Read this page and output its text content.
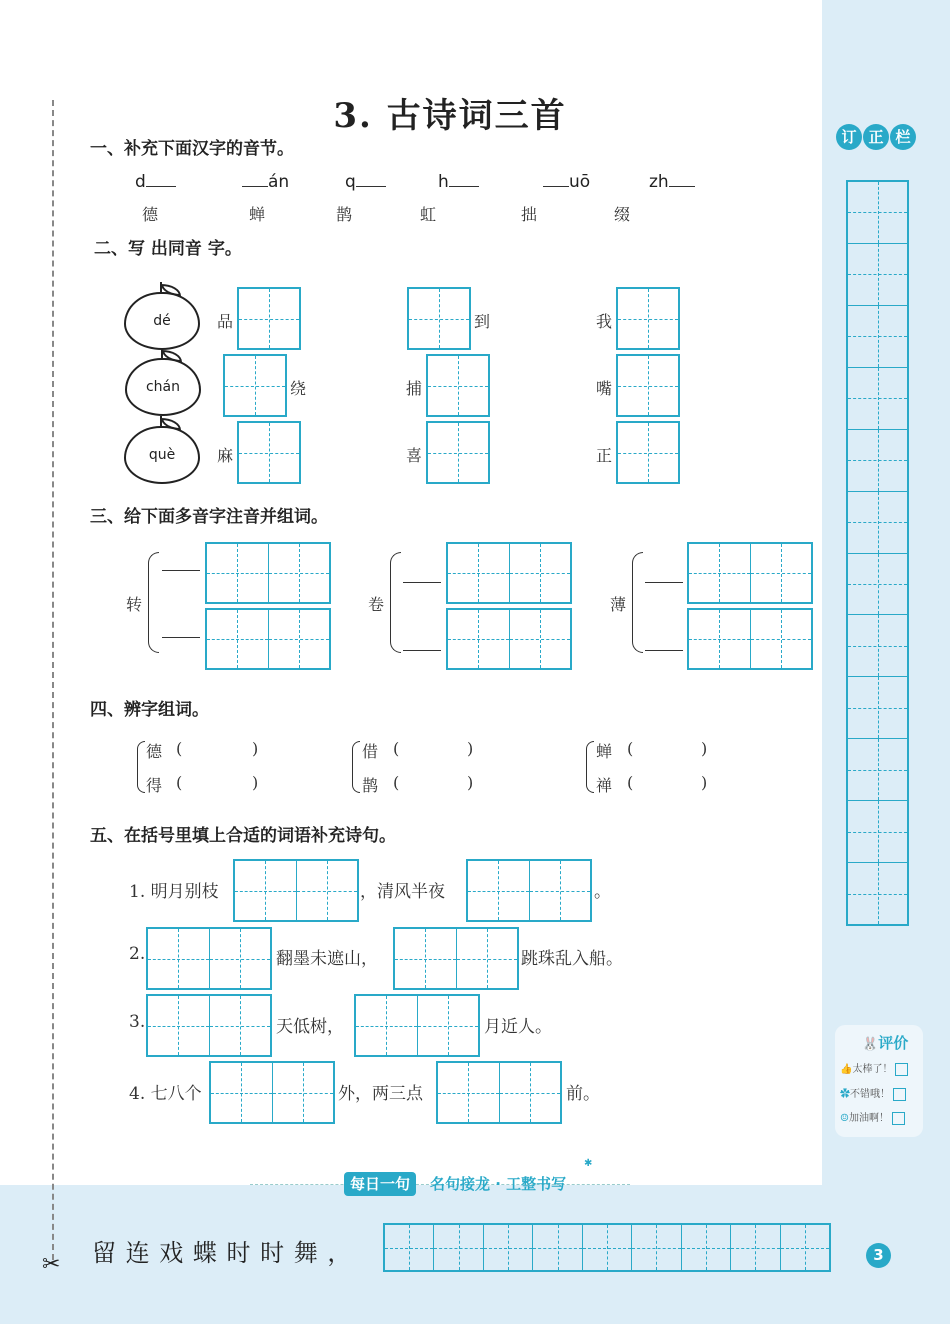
✂
3. 古诗词三首
一、补充下面汉字的音节。
d
德
án
蝉
q
鹊
h
虹
uō
拙
zh
缀
二、写 出同音 字。
dé
chán
què
品	到	我
绕	捕	嘴
麻	喜	正
三、给下面多音字注音并组词。
转	卷	薄
四、辨字组词。
德 (	)
得 (	)
借 (	)
鹊 (	)
蝉 (	)
禅 (	)
五、在括号里填上合适的词语补充诗句。
1. 明月别枝	，清风半夜	。
2.	翻墨未遮山，	跳珠乱入船。
3.	天低树，	月近人。
4. 七八个	外，两三点	前。
订 正 栏
🐰评价
👍太棒了！
✿不错哦！
☺加油啊！
每日一句	名句接龙 · 工整书写
✱
留 连 戏 蝶 时 时 舞 ，	3
